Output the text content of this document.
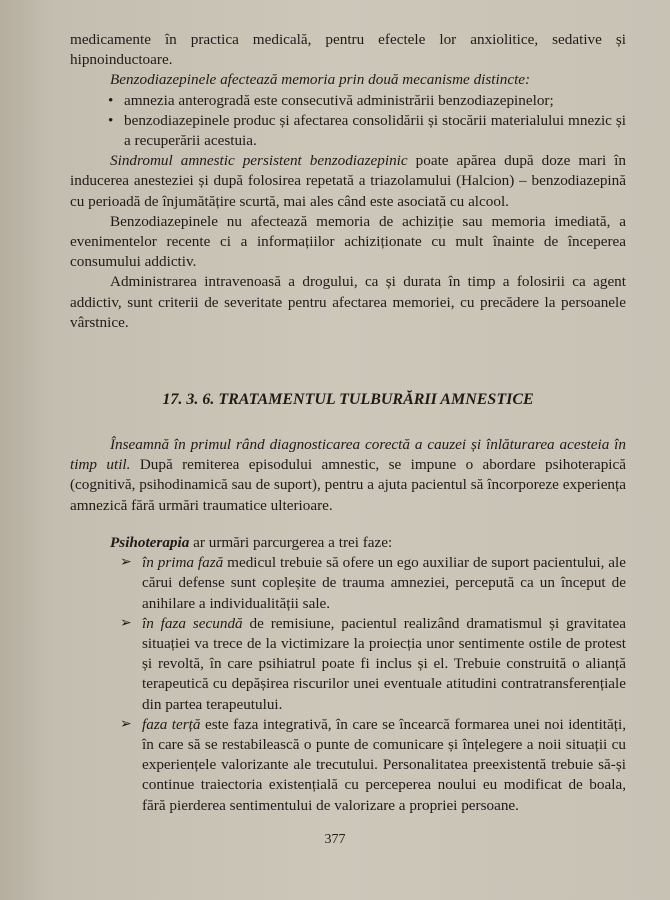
medicamente în practica medicală, pentru efectele lor anxiolitice, sedative și hipnoinductoare.

Benzodiazepinele afectează memoria prin două mecanisme distincte:

• amnezia anterogradă este consecutivă administrării benzodiazepinelor;
• benzodiazepinele produc și afectarea consolidării și stocării materialului mnezic și a recuperării acestuia.

Sindromul amnestic persistent benzodiazepinic poate apărea după doze mari în inducerea anesteziei și după folosirea repetată a triazolamului (Halcion) – benzodiazepină cu perioadă de înjumătățire scurtă, mai ales când este asociată cu alcool.

Benzodiazepinele nu afectează memoria de achiziție sau memoria imediată, a evenimentelor recente ci a informațiilor achiziționate cu mult înainte de începerea consumului addictiv.

Administrarea intravenoasă a drogului, ca și durata în timp a folosirii ca agent addictiv, sunt criterii de severitate pentru afectarea memoriei, cu precădere la persoanele vârstnice.

17. 3. 6. TRATAMENTUL TULBURĂRII AMNESTICE

Înseamnă în primul rând diagnosticarea corectă a cauzei și înlăturarea acesteia în timp util. După remiterea episodului amnestic, se impune o abordare psihoterapică (cognitivă, psihodinamică sau de suport), pentru a ajuta pacientul să încorporeze experiența amnezică fără urmări traumatice ulterioare.

Psihoterapia ar urmări parcurgerea a trei faze:

➢ în prima fază medicul trebuie să ofere un ego auxiliar de suport pacientului, ale cărui defense sunt copleșite de trauma amneziei, percepută ca un început de anihilare a individualității sale.
➢ în faza secundă de remisiune, pacientul realizând dramatismul și gravitatea situației va trece de la victimizare la proiecția unor sentimente ostile de protest și revoltă, în care psihiatrul poate fi inclus și el. Trebuie construită o alianță terapeutică cu depășirea riscurilor unei eventuale atitudini contratransferențiale din partea terapeutului.
➢ faza terță este faza integrativă, în care se încearcă formarea unei noi identități, în care să se restabilească o punte de comunicare și înțelegere a noii situații cu experiențele valorizante ale trecutului. Personalitatea preexistentă trebuie să-și continue traiectoria existențială cu perceperea noului eu modificat de boala, fără pierderea sentimentului de valorizare a propriei persoane.
377
